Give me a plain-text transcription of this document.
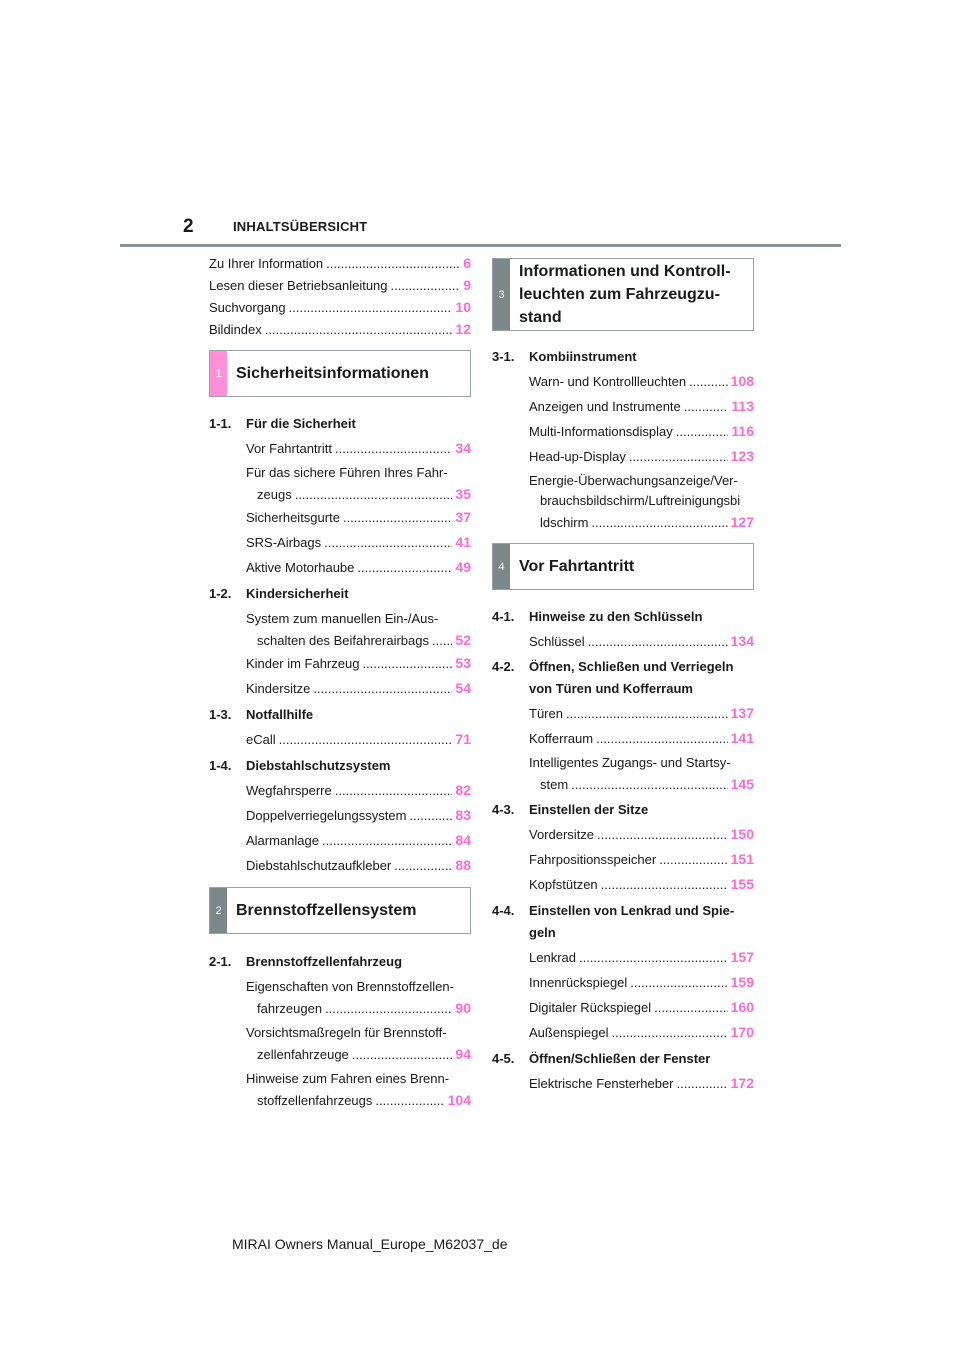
2	INHALTSÜBERSICHT
Zu Ihrer Information .....	6
Lesen dieser Betriebsanleitung .....	9
Suchvorgang .....	10
Bildindex .....	12
1 Sicherheitsinformationen
1-1.	Für die Sicherheit
Vor Fahrtantritt .....	34
Für das sichere Führen Ihres Fahr-
zeugs .....	35
Sicherheitsgurte .....	37
SRS-Airbags .....	41
Aktive Motorhaube .....	49
1-2.	Kindersicherheit
System zum manuellen Ein-/Aus-
schalten des Beifahrerairbags ..... 52
Kinder im Fahrzeug .....	53
Kindersitze .....	54
1-3.	Notfallhilfe
eCall .....	71
1-4.	Diebstahlschutzsystem
Wegfahrsperre .....	82
Doppelverriegelungssystem .....	83
Alarmanlage .....	84
Diebstahlschutzaufkleber .....	88
2 Brennstoffzellensystem
2-1.	Brennstoffzellenfahrzeug
Eigenschaften von Brennstoffzellen-
fahrzeugen .....	90
Vorsichtsmaßregeln für Brennstoff-
zellenfahrzeuge .....	94
Hinweise zum Fahren eines Brenn-
stoffzellenfahrzeugs .....	104
3
Informationen und Kontroll-
leuchten zum Fahrzeugzu-
stand
3-1.	Kombiinstrument
Warn- und Kontrollleuchten .....	108
Anzeigen und Instrumente .....	113
Multi-Informationsdisplay .....	116
Head-up-Display .....	123
Energie-Überwachungsanzeige/Ver-
brauchsbildschirm/Luftreinigungsbi
ldschirm .....	127
4 Vor Fahrtantritt
4-1.	Hinweise zu den Schlüsseln
Schlüssel .....	134
4-2.	Öffnen, Schließen und Verriegeln von Türen und Kofferraum
Türen .....	137
Kofferraum .....	141
Intelligentes Zugangs- und Startsy-
stem .....	145
4-3.	Einstellen der Sitze
Vordersitze .....	150
Fahrpositionsspeicher .....	151
Kopfstützen .....	155
4-4.	Einstellen von Lenkrad und Spie- geln
Lenkrad .....	157
Innenrückspiegel .....	159
Digitaler Rückspiegel .....	160
Außenspiegel .....	170
4-5.	Öffnen/Schließen der Fenster
Elektrische Fensterheber .....	172
MIRAI Owners Manual_Europe_M62037_de
